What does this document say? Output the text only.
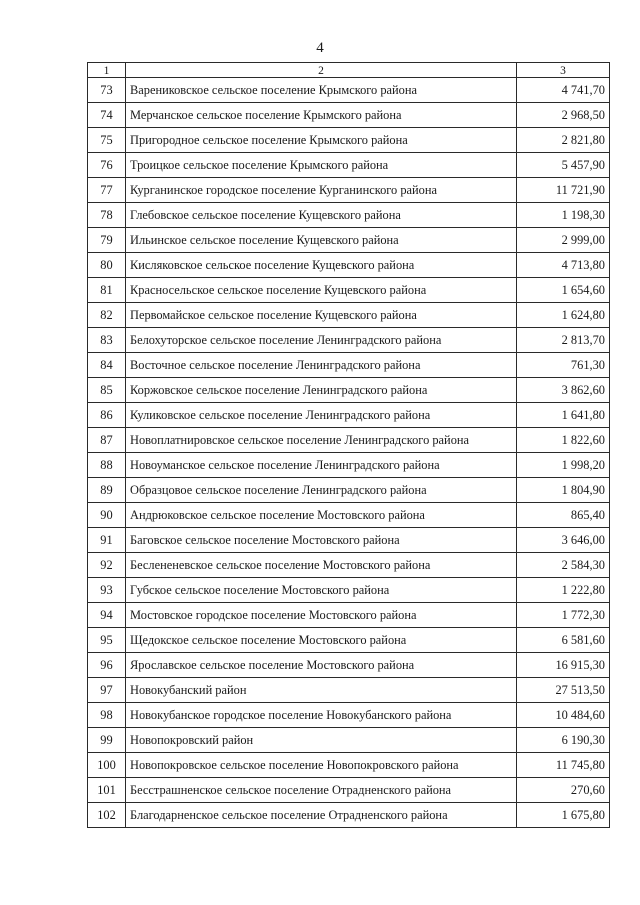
4
1	2	3
73	Варениковское сельское поселение Крымского района	4 741,70
74	Мерчанское сельское поселение Крымского района	2 968,50
75	Пригородное сельское поселение Крымского района	2 821,80
76	Троицкое сельское поселение Крымского района	5 457,90
77	Курганинское городское поселение Курганинского района	11 721,90
78	Глебовское сельское поселение Кущевского района	1 198,30
79	Ильинское сельское поселение Кущевского района	2 999,00
80	Кисляковское сельское поселение Кущевского района	4 713,80
81	Красносельское сельское поселение Кущевского района	1 654,60
82	Первомайское сельское поселение Кущевского района	1 624,80
83	Белохуторское сельское поселение Ленинградского района	2 813,70
84	Восточное сельское поселение Ленинградского района	761,30
85	Коржовское сельское поселение Ленинградского района	3 862,60
86	Куликовское сельское поселение Ленинградского района	1 641,80
87	Новоплатнировское сельское поселение Ленинградского района	1 822,60
88	Новоуманское сельское поселение Ленинградского района	1 998,20
89	Образцовое сельское поселение Ленинградского района	1 804,90
90	Андрюковское сельское поселение Мостовского района	865,40
91	Баговское сельское поселение Мостовского района	3 646,00
92	Беслененевское сельское поселение Мостовского района	2 584,30
93	Губское сельское поселение Мостовского района	1 222,80
94	Мостовское городское поселение Мостовского района	1 772,30
95	Щедокское сельское поселение Мостовского района	6 581,60
96	Ярославское сельское поселение Мостовского района	16 915,30
97	Новокубанский район	27 513,50
98	Новокубанское городское поселение Новокубанского района	10 484,60
99	Новопокровский район	6 190,30
100	Новопокровское сельское поселение Новопокровского района	11 745,80
101	Бесстрашненское сельское поселение Отрадненского района	270,60
102	Благодарненское сельское поселение Отрадненского района	1 675,80
